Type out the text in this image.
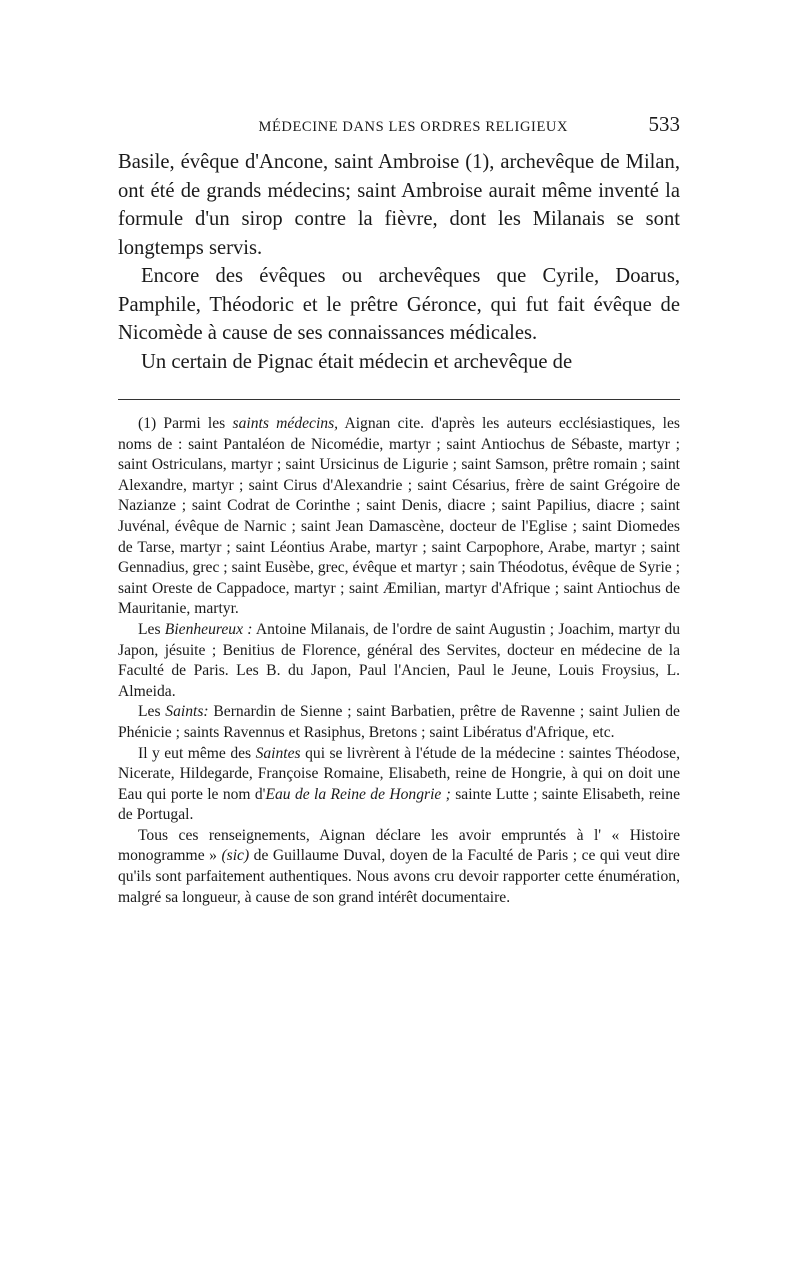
MÉDECINE DANS LES ORDRES RELIGIEUX	533

Basile, évêque d'Ancone, saint Ambroise (1), archevêque de Milan, ont été de grands médecins; saint Ambroise aurait même inventé la formule d'un sirop contre la fièvre, dont les Milanais se sont longtemps servis.

Encore des évêques ou archevêques que Cyrile, Doarus, Pamphile, Théodoric et le prêtre Géronce, qui fut fait évêque de Nicomède à cause de ses connaissances médicales.

Un certain de Pignac était médecin et archevêque de

(1) Parmi les saints médecins, Aignan cite. d'après les auteurs ecclésiastiques, les noms de : saint Pantaléon de Nicomédie, martyr ; saint Antiochus de Sébaste, martyr ; saint Ostriculans, martyr ; saint Ursicinus de Ligurie ; saint Samson, prêtre romain ; saint Alexandre, martyr ; saint Cirus d'Alexandrie ; saint Césarius, frère de saint Grégoire de Nazianze ; saint Codrat de Corinthe ; saint Denis, diacre ; saint Papilius, diacre ; saint Juvénal, évêque de Narnic ; saint Jean Damascène, docteur de l'Eglise ; saint Diomedes de Tarse, martyr ; saint Léontius Arabe, martyr ; saint Carpophore, Arabe, martyr ; saint Gennadius, grec ; saint Eusèbe, grec, évêque et martyr ; sain Théodotus, évêque de Syrie ; saint Oreste de Cappadoce, martyr ; saint Æmilian, martyr d'Afrique ; saint Antiochus de Mauritanie, martyr.

Les Bienheureux : Antoine Milanais, de l'ordre de saint Augustin ; Joachim, martyr du Japon, jésuite ; Benitius de Florence, général des Servites, docteur en médecine de la Faculté de Paris. Les B. du Japon, Paul l'Ancien, Paul le Jeune, Louis Froysius, L. Almeida.

Les Saints: Bernardin de Sienne ; saint Barbatien, prêtre de Ravenne ; saint Julien de Phénicie ; saints Ravennus et Rasiphus, Bretons ; saint Libératus d'Afrique, etc.

Il y eut même des Saintes qui se livrèrent à l'étude de la médecine : saintes Théodose, Nicerate, Hildegarde, Françoise Romaine, Elisabeth, reine de Hongrie, à qui on doit une Eau qui porte le nom d'Eau de la Reine de Hongrie ; sainte Lutte ; sainte Elisabeth, reine de Portugal.

Tous ces renseignements, Aignan déclare les avoir empruntés à l' « Histoire monogramme » (sic) de Guillaume Duval, doyen de la Faculté de Paris ; ce qui veut dire qu'ils sont parfaitement authentiques. Nous avons cru devoir rapporter cette énumération, malgré sa longueur, à cause de son grand intérêt documentaire.
